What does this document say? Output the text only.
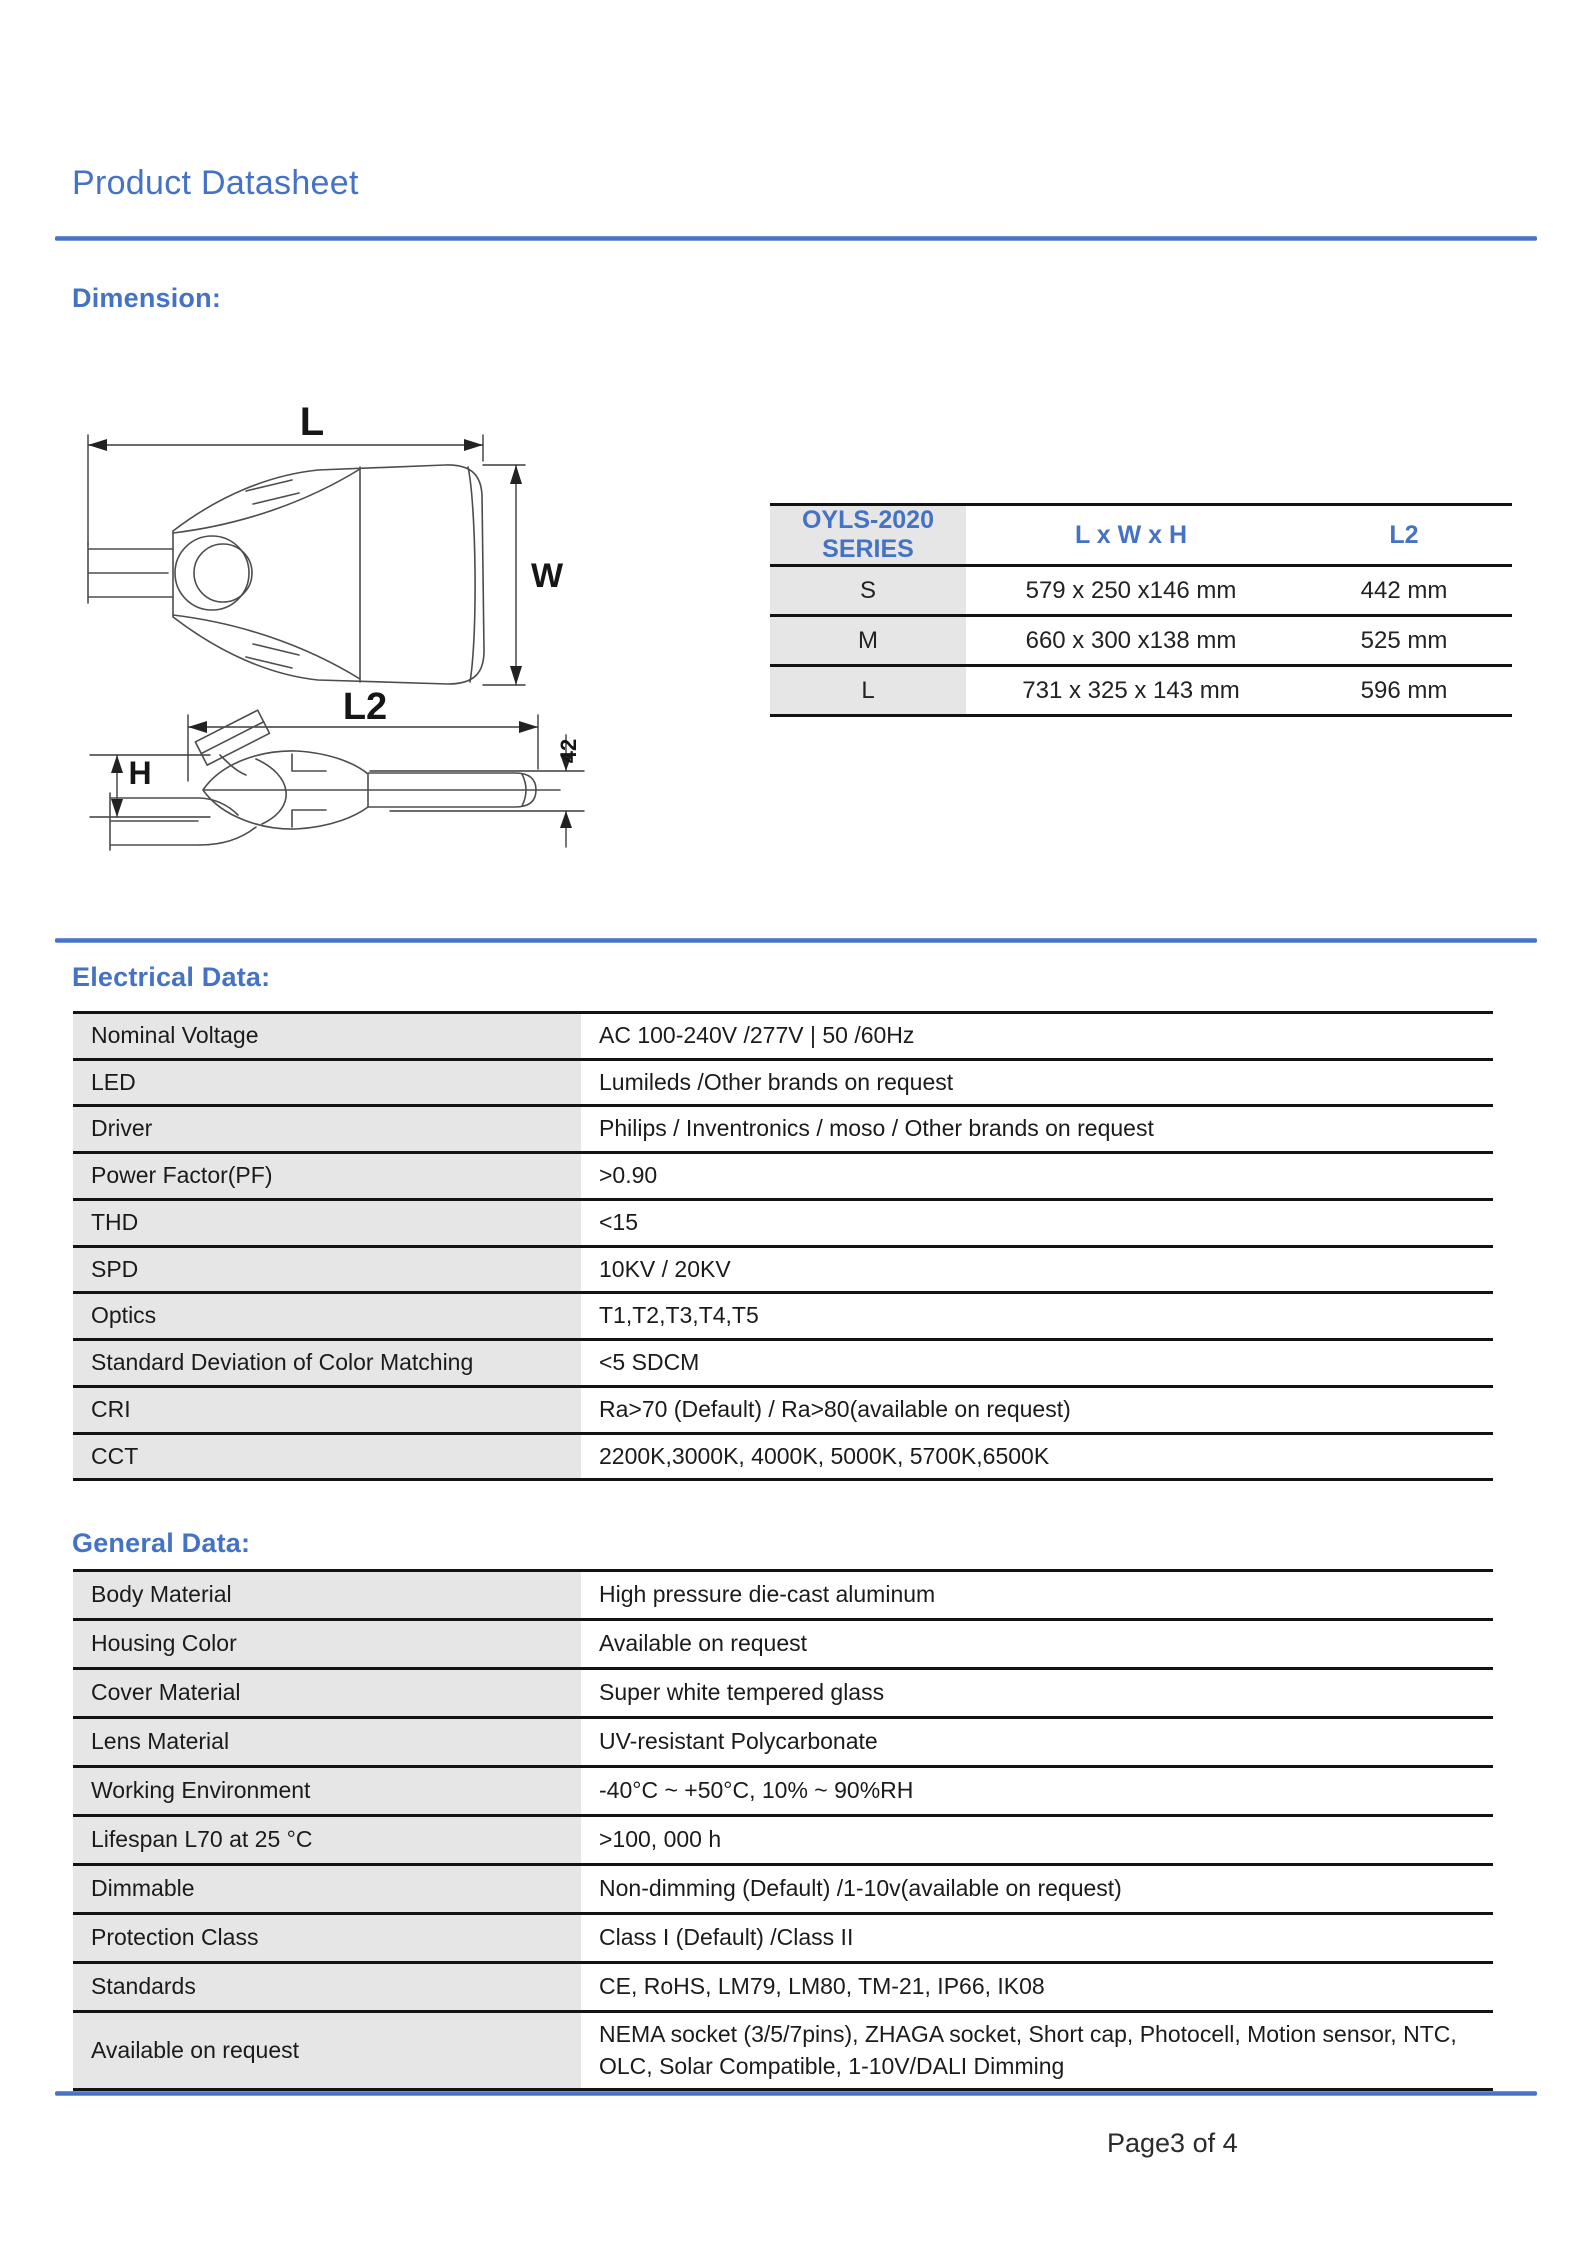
Product Datasheet
Dimension:
L
W
L2
42
H
OYLS-2020 SERIES	L x W x H	L2
S	579 x 250 x146 mm	442 mm
M	660 x 300 x138 mm	525 mm
L	731 x 325 x 143 mm	596 mm
Electrical Data:
Nominal Voltage	AC 100-240V /277V | 50 /60Hz
LED	Lumileds /Other brands on request
Driver	Philips / Inventronics / moso / Other brands on request
Power Factor(PF)	>0.90
THD	<15
SPD	10KV / 20KV
Optics	T1,T2,T3,T4,T5
Standard Deviation of Color Matching	<5 SDCM
CRI	Ra>70 (Default) / Ra>80(available on request)
CCT	2200K,3000K, 4000K, 5000K, 5700K,6500K
General Data:
Body Material	High pressure die-cast aluminum
Housing Color	Available on request
Cover Material	Super white tempered glass
Lens Material	UV-resistant Polycarbonate
Working Environment	-40°C ~ +50°C, 10% ~ 90%RH
Lifespan L70 at 25 °C	>100, 000 h
Dimmable	Non-dimming (Default) /1-10v(available on request)
Protection Class	Class I (Default) /Class II
Standards	CE, RoHS, LM79, LM80, TM-21, IP66, IK08
Available on request	NEMA socket (3/5/7pins), ZHAGA socket, Short cap, Photocell, Motion sensor, NTC, OLC, Solar Compatible, 1-10V/DALI Dimming
Page3 of 4
